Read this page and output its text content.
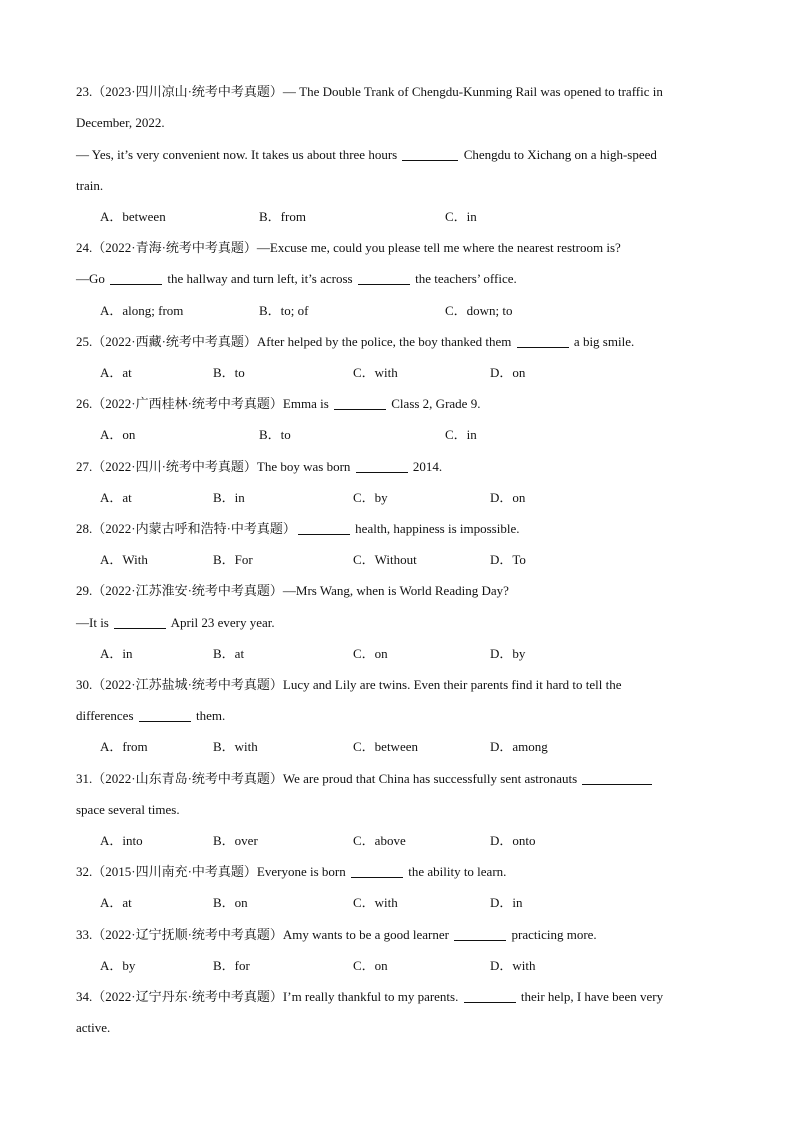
23.（2023·四川凉山·统考中考真题）— The Double Trank of Chengdu-Kunming Rail was opened to traffic in
December, 2022.
— Yes, it’s very convenient now. It takes us about three hours	Chengdu to Xichang on a high-speed
train.
A．between	B．from	C．in
24.（2022·青海·统考中考真题）—Excuse me, could you please tell me where the nearest restroom is?
—Go	the hallway and turn left, it’s across	the teachers’ office.
A．along; from	B．to; of	C．down; to
25.（2022·西藏·统考中考真题）After helped by the police, the boy thanked them	a big smile.
A．at	B．to	C．with	D．on
26.（2022·广西桂林·统考中考真题）Emma is	Class 2, Grade 9.
A．on	B．to	C．in
27.（2022·四川·统考中考真题）The boy was born	2014.
A．at	B．in	C．by	D．on
28.（2022·内蒙古呼和浩特·中考真题）	health, happiness is impossible.
A．With	B．For	C．Without	D．To
29.（2022·江苏淮安·统考中考真题）—Mrs Wang, when is World Reading Day?
—It is	April 23 every year.
A．in	B．at	C．on	D．by
30.（2022·江苏盐城·统考中考真题）Lucy and Lily are twins. Even their parents find it hard to tell the
differences	them.
A．from	B．with	C．between	D．among
31.（2022·山东青岛·统考中考真题）We are proud that China has successfully sent astronauts
space several times.
A．into	B．over	C．above	D．onto
32.（2015·四川南充·中考真题）Everyone is born	the ability to learn.
A．at	B．on	C．with	D．in
33.（2022·辽宁抚顺·统考中考真题）Amy wants to be a good learner	practicing more.
A．by	B．for	C．on	D．with
34.（2022·辽宁丹东·统考中考真题）I’m really thankful to my parents.	their help, I have been very
active.
